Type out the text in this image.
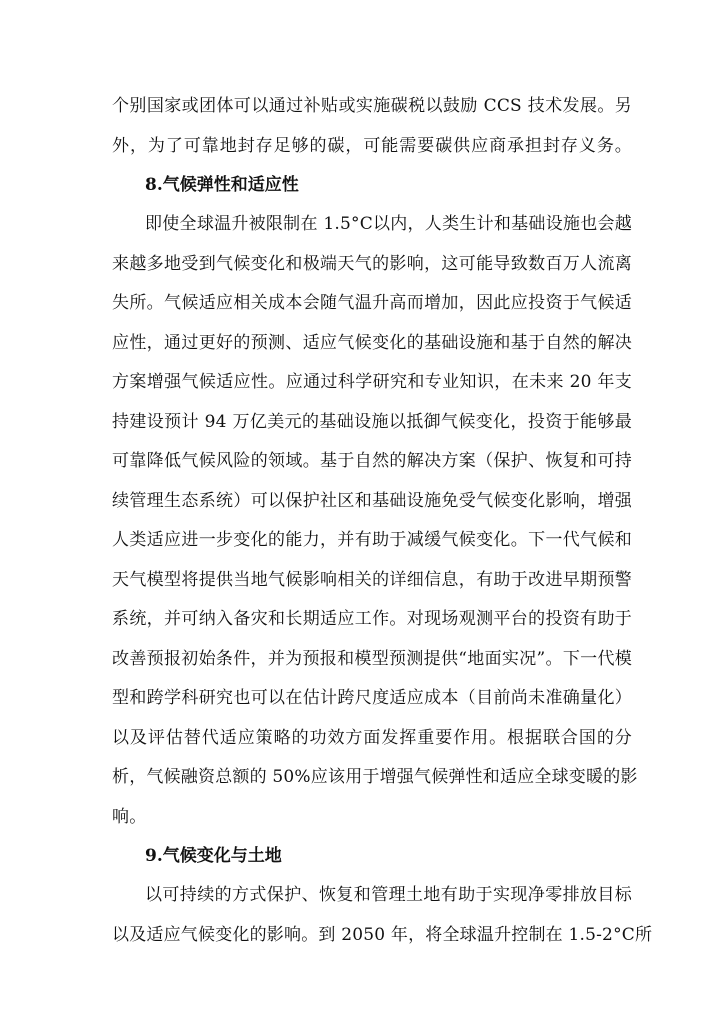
个别国家或团体可以通过补贴或实施碳税以鼓励 CCS 技术发展。另
外，为了可靠地封存足够的碳，可能需要碳供应商承担封存义务。
8.气候弹性和适应性
即使全球温升被限制在 1.5°C以内，人类生计和基础设施也会越
来越多地受到气候变化和极端天气的影响，这可能导致数百万人流离
失所。气候适应相关成本会随气温升高而增加，因此应投资于气候适
应性，通过更好的预测、适应气候变化的基础设施和基于自然的解决
方案增强气候适应性。应通过科学研究和专业知识，在未来 20 年支
持建设预计 94 万亿美元的基础设施以抵御气候变化，投资于能够最
可靠降低气候风险的领域。基于自然的解决方案（保护、恢复和可持
续管理生态系统）可以保护社区和基础设施免受气候变化影响，增强
人类适应进一步变化的能力，并有助于减缓气候变化。下一代气候和
天气模型将提供当地气候影响相关的详细信息，有助于改进早期预警
系统，并可纳入备灾和长期适应工作。对现场观测平台的投资有助于
改善预报初始条件，并为预报和模型预测提供“地面实况”。下一代模
型和跨学科研究也可以在估计跨尺度适应成本（目前尚未准确量化）
以及评估替代适应策略的功效方面发挥重要作用。根据联合国的分
析，气候融资总额的 50%应该用于增强气候弹性和适应全球变暖的影
响。
9.气候变化与土地
以可持续的方式保护、恢复和管理土地有助于实现净零排放目标
以及适应气候变化的影响。到 2050 年，将全球温升控制在 1.5-2°C所
